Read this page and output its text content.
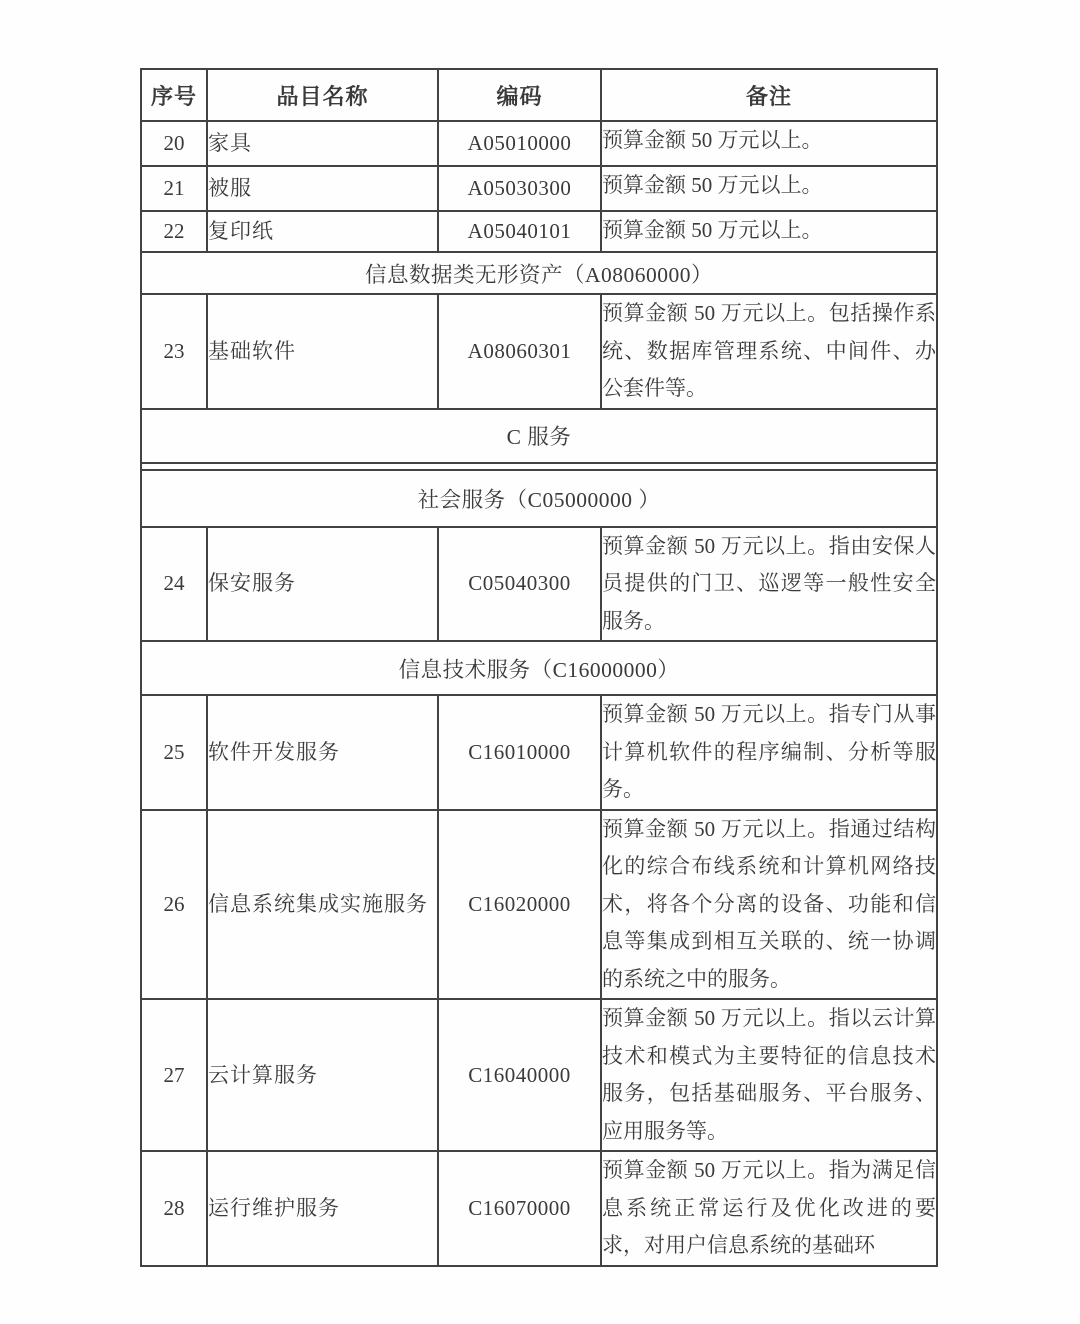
序号	品目名称	编码	备注
20	家具	A05010000	预算金额 50 万元以上。
21	被服	A05030300	预算金额 50 万元以上。
22	复印纸	A05040101	预算金额 50 万元以上。
信息数据类无形资产（A08060000）			
23	基础软件	A08060301	预算金额 50 万元以上。包括操作系统、数据库管理系统、中间件、办公套件等。
C 服务			

社会服务（C05000000 ）			
24	保安服务	C05040300	预算金额 50 万元以上。指由安保人员提供的门卫、巡逻等一般性安全服务。
信息技术服务（C16000000）			
25	软件开发服务	C16010000	预算金额 50 万元以上。指专门从事计算机软件的程序编制、分析等服务。
26	信息系统集成实施服务	C16020000	预算金额 50 万元以上。指通过结构化的综合布线系统和计算机网络技术，将各个分离的设备、功能和信息等集成到相互关联的、统一协调的系统之中的服务。
27	云计算服务	C16040000	预算金额 50 万元以上。指以云计算技术和模式为主要特征的信息技术服务，包括基础服务、平台服务、应用服务等。
28	运行维护服务	C16070000	预算金额 50 万元以上。指为满足信息系统正常运行及优化改进的要求，对用户信息系统的基础环
